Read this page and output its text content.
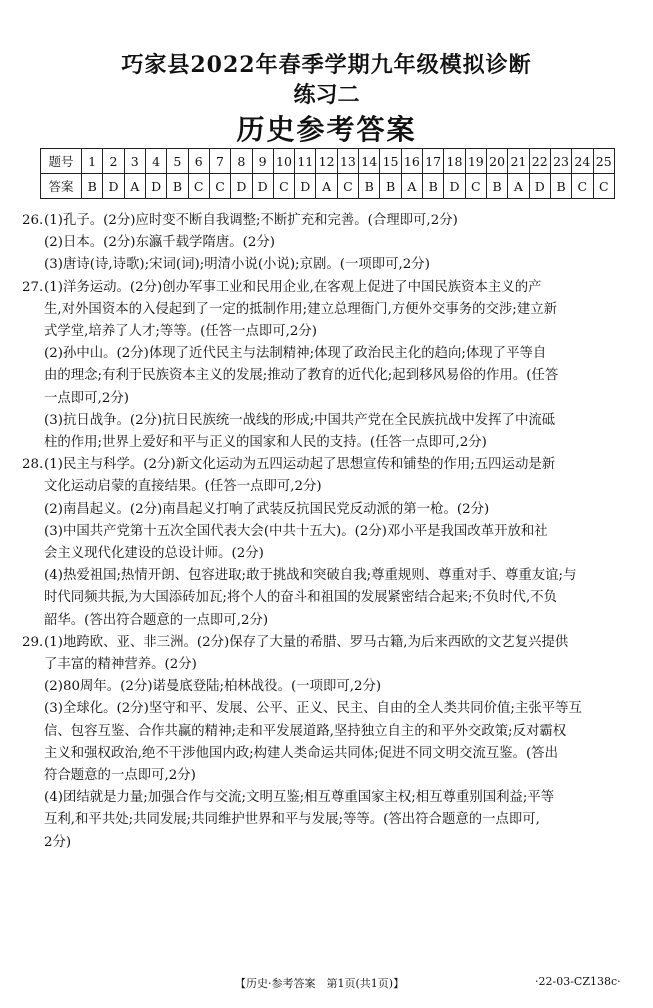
巧家县2022年春季学期九年级模拟诊断
练习二
历史参考答案
题号	1	2	3	4	5	6	7	8	9	10	11	12	13	14	15	16	17	18	19	20	21	22	23	24	25
答案	B	D	A	D	B	C	C	D	D	C	D	A	C	B	B	A	B	D	C	B	A	D	B	C	C
26.(1)孔子。(2分)应时变不断自我调整;不断扩充和完善。(合理即可,2分)
(2)日本。(2分)东瀛千载学隋唐。(2分)
(3)唐诗(诗,诗歌);宋词(词);明清小说(小说);京剧。(一项即可,2分)
27.(1)洋务运动。(2分)创办军事工业和民用企业,在客观上促进了中国民族资本主义的产
生,对外国资本的入侵起到了一定的抵制作用;建立总理衙门,方便外交事务的交涉;建立新
式学堂,培养了人才;等等。(任答一点即可,2分)
(2)孙中山。(2分)体现了近代民主与法制精神;体现了政治民主化的趋向;体现了平等自
由的理念;有利于民族资本主义的发展;推动了教育的近代化;起到移风易俗的作用。(任答
一点即可,2分)
(3)抗日战争。(2分)抗日民族统一战线的形成;中国共产党在全民族抗战中发挥了中流砥
柱的作用;世界上爱好和平与正义的国家和人民的支持。(任答一点即可,2分)
28.(1)民主与科学。(2分)新文化运动为五四运动起了思想宣传和铺垫的作用;五四运动是新
文化运动启蒙的直接结果。(任答一点即可,2分)
(2)南昌起义。(2分)南昌起义打响了武装反抗国民党反动派的第一枪。(2分)
(3)中国共产党第十五次全国代表大会(中共十五大)。(2分)邓小平是我国改革开放和社
会主义现代化建设的总设计师。(2分)
(4)热爱祖国;热情开朗、包容进取;敢于挑战和突破自我;尊重规则、尊重对手、尊重友谊;与
时代同频共振,为大国添砖加瓦;将个人的奋斗和祖国的发展紧密结合起来;不负时代,不负
韶华。(答出符合题意的一点即可,2分)
29.(1)地跨欧、亚、非三洲。(2分)保存了大量的希腊、罗马古籍,为后来西欧的文艺复兴提供
了丰富的精神营养。(2分)
(2)80周年。(2分)诺曼底登陆;柏林战役。(一项即可,2分)
(3)全球化。(2分)坚守和平、发展、公平、正义、民主、自由的全人类共同价值;主张平等互
信、包容互鉴、合作共赢的精神;走和平发展道路,坚持独立自主的和平外交政策;反对霸权
主义和强权政治,绝不干涉他国内政;构建人类命运共同体;促进不同文明交流互鉴。(答出
符合题意的一点即可,2分)
(4)团结就是力量;加强合作与交流;文明互鉴;相互尊重国家主权;相互尊重别国利益;平等
互利,和平共处;共同发展;共同维护世界和平与发展;等等。(答出符合题意的一点即可,
2分)
【历史·参考答案　第1页(共1页)】	·22-03-CZ138c·
